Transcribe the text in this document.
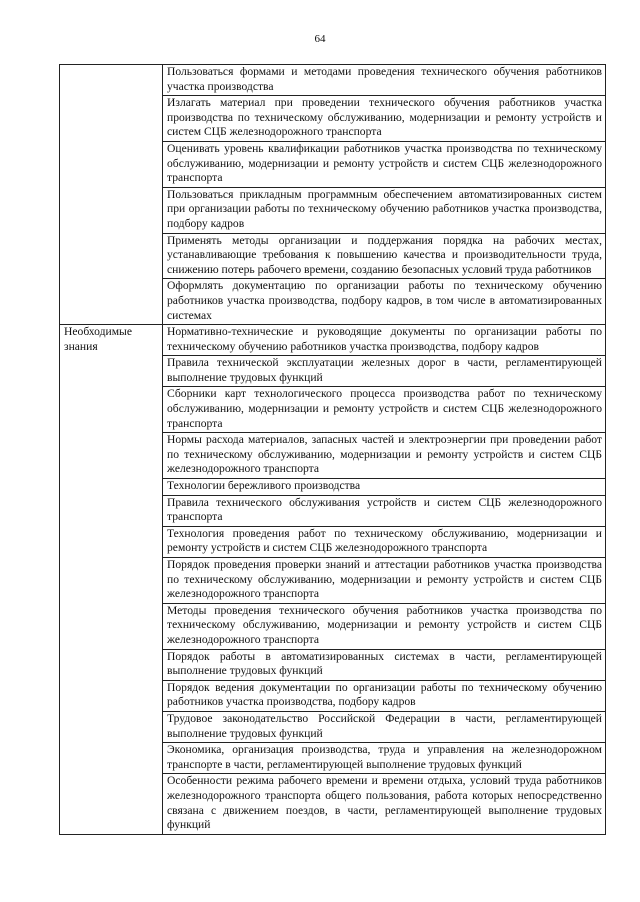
64

	Пользоваться формами и методами проведения технического обучения работников участка производства

	Излагать материал при проведении технического обучения работников участка производства по техническому обслуживанию, модернизации и ремонту устройств и систем СЦБ железнодорожного транспорта

	Оценивать уровень квалификации работников участка производства по техническому обслуживанию, модернизации и ремонту устройств и систем СЦБ железнодорожного транспорта

	Пользоваться прикладным программным обеспечением автоматизированных систем при организации работы по техническому обучению работников участка производства, подбору кадров

	Применять методы организации и поддержания порядка на рабочих местах, устанавливающие требования к повышению качества и производительности труда, снижению потерь рабочего времени, созданию безопасных условий труда работников

	Оформлять документацию по организации работы по техническому обучению работников участка производства, подбору кадров, в том числе в автоматизированных системах

Необходимые знания	Нормативно-технические и руководящие документы по организации работы по техническому обучению работников участка производства, подбору кадров

	Правила технической эксплуатации железных дорог в части, регламентирующей выполнение трудовых функций

	Сборники карт технологического процесса производства работ по техническому обслуживанию, модернизации и ремонту устройств и систем СЦБ железнодорожного транспорта

	Нормы расхода материалов, запасных частей и электроэнергии при проведении работ по техническому обслуживанию, модернизации и ремонту устройств и систем СЦБ железнодорожного транспорта

	Технологии бережливого производства

	Правила технического обслуживания устройств и систем СЦБ железнодорожного транспорта

	Технология проведения работ по техническому обслуживанию, модернизации и ремонту устройств и систем СЦБ железнодорожного транспорта

	Порядок проведения проверки знаний и аттестации работников участка производства по техническому обслуживанию, модернизации и ремонту устройств и систем СЦБ железнодорожного транспорта

	Методы проведения технического обучения работников участка производства по техническому обслуживанию, модернизации и ремонту устройств и систем СЦБ железнодорожного транспорта

	Порядок работы в автоматизированных системах в части, регламентирующей выполнение трудовых функций

	Порядок ведения документации по организации работы по техническому обучению работников участка производства, подбору кадров

	Трудовое законодательство Российской Федерации в части, регламентирующей выполнение трудовых функций

	Экономика, организация производства, труда и управления на железнодорожном транспорте в части, регламентирующей выполнение трудовых функций

	Особенности режима рабочего времени и времени отдыха, условий труда работников железнодорожного транспорта общего пользования, работа которых непосредственно связана с движением поездов, в части, регламентирующей выполнение трудовых функций
